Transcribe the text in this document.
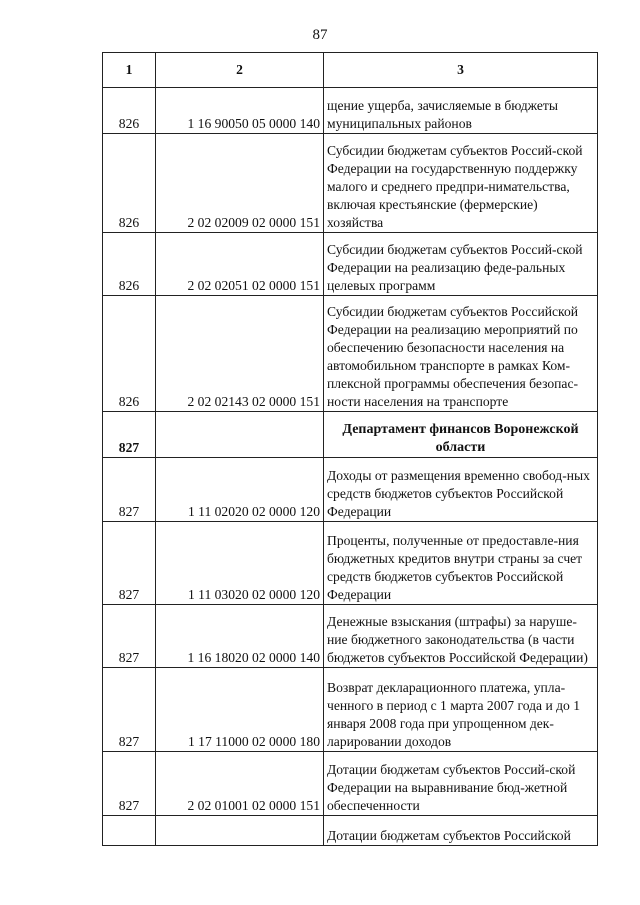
87
1	2	3
826	1 16 90050 05 0000 140	щение ущерба, зачисляемые в бюджеты муниципальных районов
826	2 02 02009 02 0000 151	Субсидии бюджетам субъектов Россий-ской Федерации на государственную поддержку малого и среднего предпри-нимательства, включая крестьянские (фермерские) хозяйства
826	2 02 02051 02 0000 151	Субсидии бюджетам субъектов Россий-ской Федерации на реализацию феде-ральных целевых программ
826	2 02 02143 02 0000 151	Субсидии бюджетам субъектов Российской Федерации на реализацию мероприятий по обеспечению безопасности населения на автомобильном транспорте в рамках Ком-плексной программы обеспечения безопас-ности населения на транспорте
827		Департамент финансов Воронежской области
827	1 11 02020 02 0000 120	Доходы от размещения временно свобод-ных средств бюджетов субъектов Российской Федерации
827	1 11 03020 02 0000 120	Проценты, полученные от предоставле-ния бюджетных кредитов внутри страны за счет средств бюджетов субъектов Российской Федерации
827	1 16 18020 02 0000 140	Денежные взыскания (штрафы) за наруше-ние бюджетного законодательства (в части бюджетов субъектов Российской Федерации)
827	1 17 11000 02 0000 180	Возврат декларационного платежа, упла-ченного в период с 1 марта 2007 года и до 1 января 2008 года при упрощенном дек-ларировании доходов
827	2 02 01001 02 0000 151	Дотации бюджетам субъектов Россий-ской Федерации на выравнивание бюд-жетной обеспеченности
		Дотации бюджетам субъектов Российской
